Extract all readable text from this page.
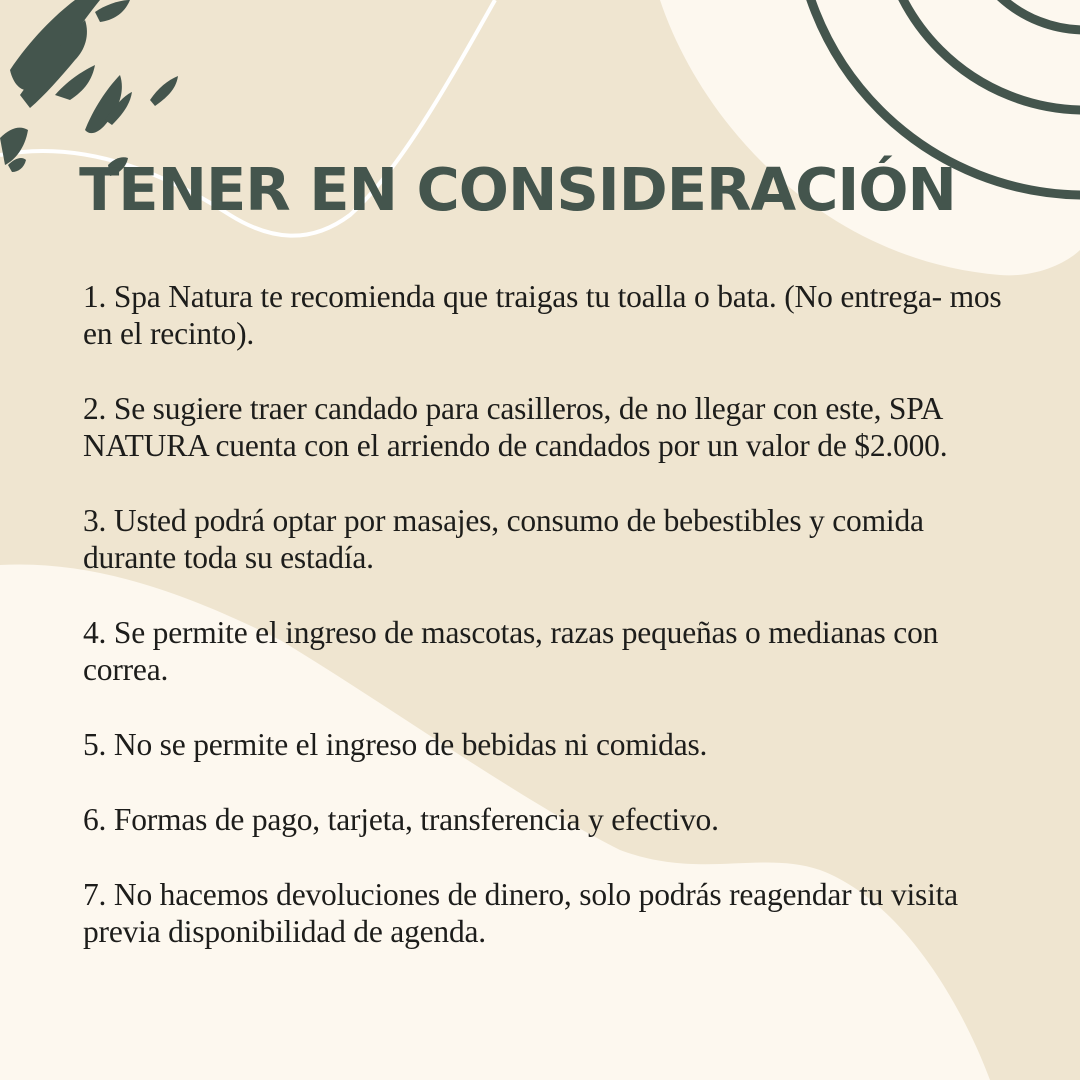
TENER EN CONSIDERACIÓN
1. Spa Natura te recomienda que traigas tu toalla o bata. (No entrega- mos en el recinto).
2. Se sugiere traer candado para casilleros, de no llegar con este, SPA NATURA cuenta con el arriendo de candados por un valor de $2.000.
3. Usted podrá optar por masajes, consumo de bebestibles y comida durante toda su estadía.
4. Se permite el ingreso de mascotas, razas pequeñas o medianas con correa.
5. No se permite el ingreso de bebidas ni comidas.
6. Formas de pago, tarjeta, transferencia y efectivo.
7. No hacemos devoluciones de dinero, solo podrás reagendar tu visita previa disponibilidad de agenda.
